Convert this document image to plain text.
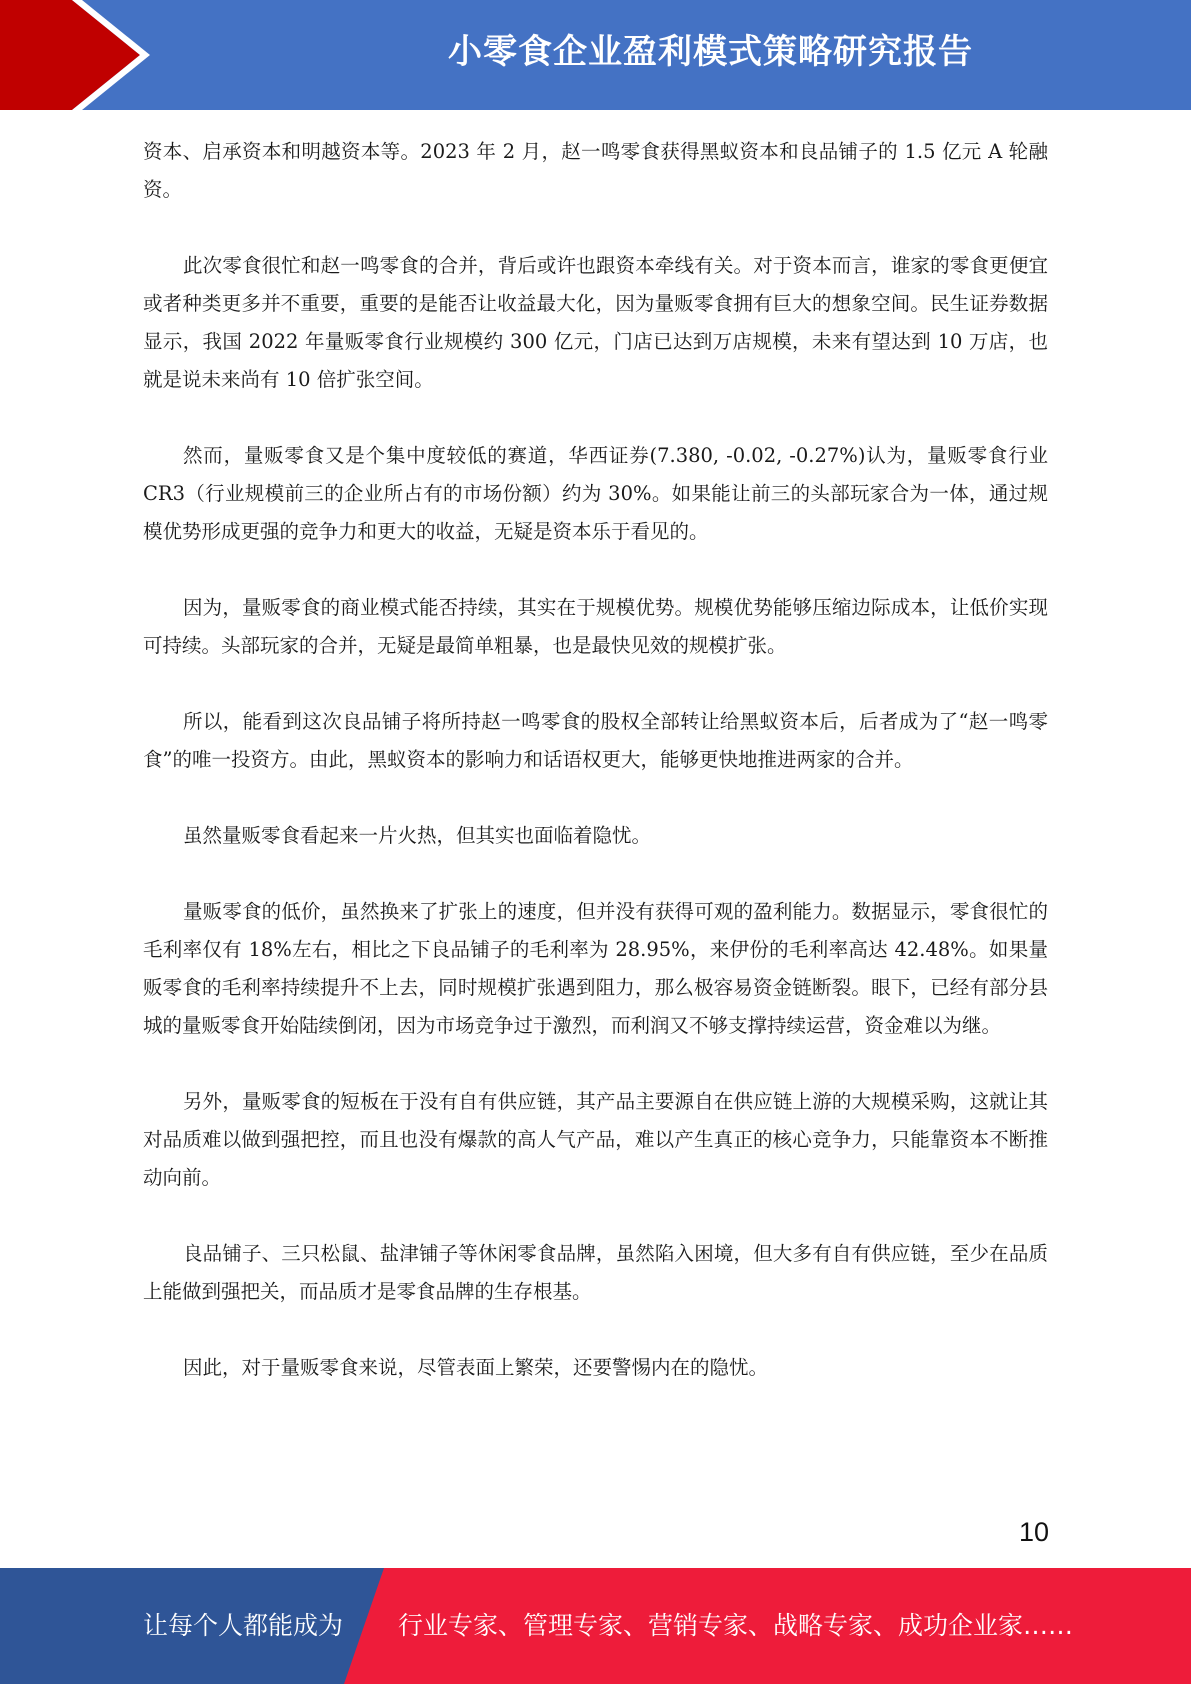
小零食企业盈利模式策略研究报告

资本、启承资本和明越资本等。2023 年 2 月，赵一鸣零食获得黑蚁资本和良品铺子的 1.5 亿元 A 轮融资。

此次零食很忙和赵一鸣零食的合并，背后或许也跟资本牵线有关。对于资本而言，谁家的零食更便宜或者种类更多并不重要，重要的是能否让收益最大化，因为量贩零食拥有巨大的想象空间。民生证券数据显示，我国 2022 年量贩零食行业规模约 300 亿元，门店已达到万店规模，未来有望达到 10 万店，也就是说未来尚有 10 倍扩张空间。

然而，量贩零食又是个集中度较低的赛道，华西证券(7.380, -0.02, -0.27%)认为，量贩零食行业 CR3（行业规模前三的企业所占有的市场份额）约为 30%。如果能让前三的头部玩家合为一体，通过规模优势形成更强的竞争力和更大的收益，无疑是资本乐于看见的。

因为，量贩零食的商业模式能否持续，其实在于规模优势。规模优势能够压缩边际成本，让低价实现可持续。头部玩家的合并，无疑是最简单粗暴，也是最快见效的规模扩张。

所以，能看到这次良品铺子将所持赵一鸣零食的股权全部转让给黑蚁资本后，后者成为了“赵一鸣零食”的唯一投资方。由此，黑蚁资本的影响力和话语权更大，能够更快地推进两家的合并。

虽然量贩零食看起来一片火热，但其实也面临着隐忧。

量贩零食的低价，虽然换来了扩张上的速度，但并没有获得可观的盈利能力。数据显示，零食很忙的毛利率仅有 18%左右，相比之下良品铺子的毛利率为 28.95%，来伊份的毛利率高达 42.48%。如果量贩零食的毛利率持续提升不上去，同时规模扩张遇到阻力，那么极容易资金链断裂。眼下，已经有部分县城的量贩零食开始陆续倒闭，因为市场竞争过于激烈，而利润又不够支撑持续运营，资金难以为继。

另外，量贩零食的短板在于没有自有供应链，其产品主要源自在供应链上游的大规模采购，这就让其对品质难以做到强把控，而且也没有爆款的高人气产品，难以产生真正的核心竞争力，只能靠资本不断推动向前。

良品铺子、三只松鼠、盐津铺子等休闲零食品牌，虽然陷入困境，但大多有自有供应链，至少在品质上能做到强把关，而品质才是零食品牌的生存根基。

因此，对于量贩零食来说，尽管表面上繁荣，还要警惕内在的隐忧。

10
让每个人都能成为 行业专家、管理专家、营销专家、战略专家、成功企业家……
